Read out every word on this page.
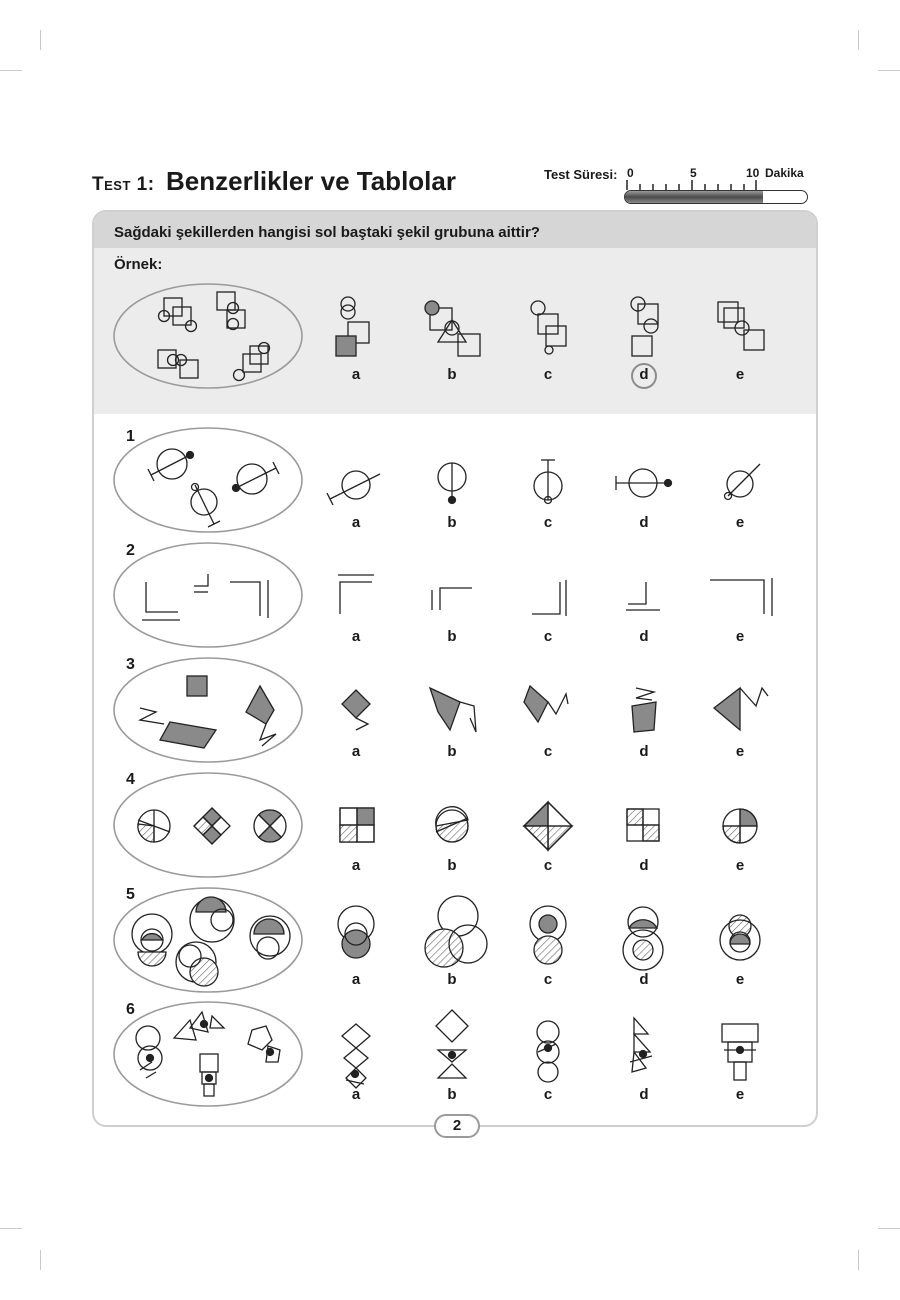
Test 1: Benzerlikler ve Tablolar	Test Süresi: 0	5	10 Dakika
Sağdaki şekillerden hangisi sol baştaki şekil grubuna aittir?
Örnek:
a	b	c	d	e
1
a	b	c	d	e
2
a	b	c	d	e
3
a	b	c	d	e
4
a	b	c	d	e
5
a	b	c	d	e
6
a	b	c	d	e
2
